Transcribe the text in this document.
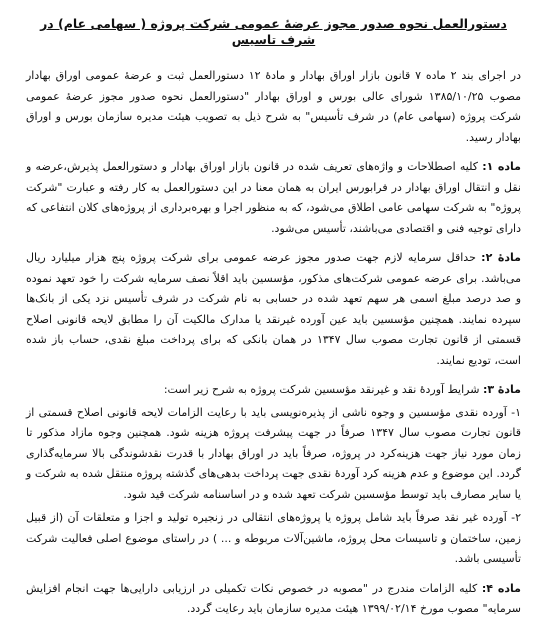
دستورالعمل نحوه صدور مجوز عرضهٔ عمومی شرکت پروژه ( سهامی عام) در شرف تاسیس

در اجرای بند ۲ ماده ۷ قانون بازار اوراق بهادار و مادهٔ ۱۲ دستورالعمل ثبت و عرضهٔ عمومی اوراق بهادار مصوب ۱۳۸۵/۱۰/۲۵ شورای عالی بورس و اوراق بهادار "دستورالعمل نحوه صدور مجوز عرضهٔ عمومی شرکت پروژه (سهامی عام) در شرف تأسیس" به شرح ذیل به تصویب هیئت مدیره سازمان بورس و اوراق بهادار رسید.

ماده ۱: کلیه اصطلاحات و واژه‌های تعریف شده در قانون بازار اوراق بهادار و دستورالعمل پذیرش،عرضه و نقل و انتقال اوراق بهادار در فرابورس ایران به همان معنا در این دستورالعمل به کار رفته و عبارت "شرکت پروژه" به شرکت سهامی عامی اطلاق می‌شود، که به منظور اجرا و بهره‌برداری از پروژه‌های کلان انتفاعی که دارای توجیه فنی و اقتصادی می‌باشند، تأسیس می‌شود.

مادهٔ ۲: حداقل سرمایه لازم جهت صدور مجوز عرضه عمومی برای شرکت پروژه پنج هزار میلیارد ریال می‌باشد. برای عرضه عمومی شرکت‌های مذکور، مؤسسین باید اقلاً نصف سرمایه شرکت را خود تعهد نموده و صد درصد مبلغ اسمی هر سهم تعهد شده در حسابی به نام شرکت در شرف تأسیس نزد یکی از بانک‌ها سپرده نمایند. همچنین مؤسسین باید عین آورده غیرنقد یا مدارک مالکیت آن را مطابق لایحه قانونی اصلاح قسمتی از قانون تجارت مصوب سال ۱۳۴۷ در همان بانکی که برای پرداخت مبلغ نقدی، حساب باز شده است، تودیع نمایند.

مادهٔ ۳: شرایط آوردهٔ نقد و غیرنقد مؤسسین شرکت پروژه به شرح زیر است:

۱- آورده نقدی مؤسسین و وجوه ناشی از پذیره‌نویسی باید با رعایت الزامات لایحه قانونی اصلاح قسمتی از قانون تجارت مصوب سال ۱۳۴۷ صرفاً در جهت پیشرفت پروژه هزینه شود. همچنین وجوه مازاد مذکور تا زمان مورد نیاز جهت هزینه‌کرد در پروژه، صرفاً باید در اوراق بهادار با قدرت نقدشوندگی بالا سرمایه‌گذاری گردد. این موضوع و عدم هزینه کرد آوردهٔ نقدی جهت پرداخت بدهی‌های گذشته پروژه منتقل شده به شرکت و یا سایر مصارف باید توسط مؤسسین شرکت تعهد شده و در اساسنامه شرکت قید شود.

۲- آورده غیر نقد صرفاً باید شامل پروژه یا پروژه‌های انتقالی در زنجیره تولید و اجزا و متعلقات آن (از قبیل زمین، ساختمان و تاسیسات محل پروژه، ماشین‌آلات مربوطه و ... ) در راستای موضوع اصلی فعالیت شرکت تأسیسی باشد.

ماده ۴: کلیه الزامات مندرج در "مصوبه در خصوص نکات تکمیلی در ارزیابی دارایی‌ها جهت انجام افزایش سرمایه" مصوب مورخ ۱۳۹۹/۰۲/۱۴ هیئت مدیره سازمان باید رعایت گردد.
